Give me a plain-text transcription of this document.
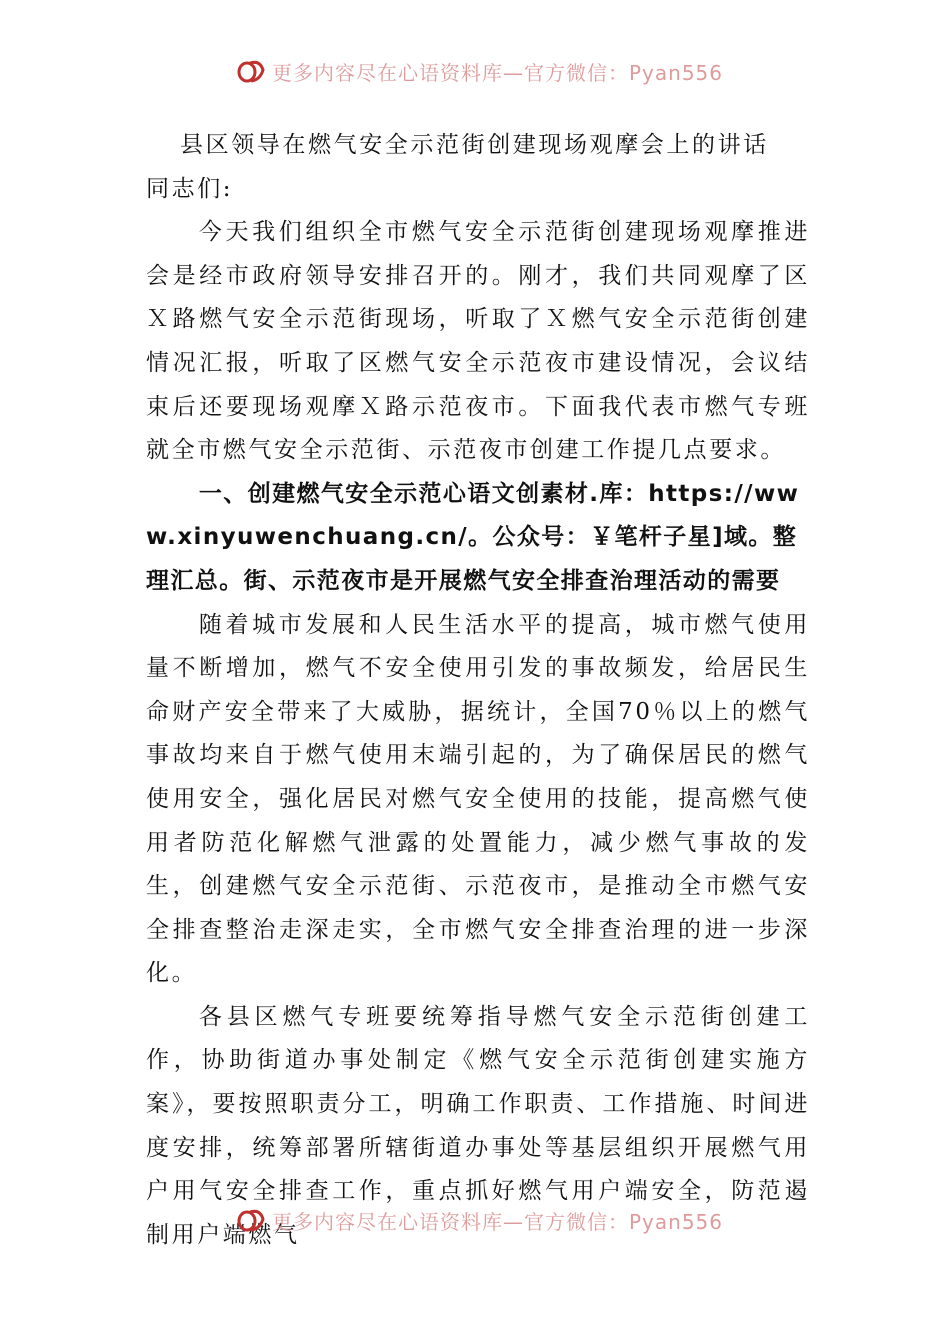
更多内容尽在心语资料库—官方微信：Pyan556

县区领导在燃气安全示范街创建现场观摩会上的讲话

同志们:

今天我们组织全市燃气安全示范街创建现场观摩推进会是经市政府领导安排召开的。刚才，我们共同观摩了区Ｘ路燃气安全示范街现场，听取了Ｘ燃气安全示范街创建情况汇报，听取了区燃气安全示范夜市建设情况，会议结束后还要现场观摩Ｘ路示范夜市。下面我代表市燃气专班就全市燃气安全示范街、示范夜市创建工作提几点要求。

一、创建燃气安全示范心语文创素材.库：https://www.xinyuwenchuang.cn/。公众号：￥笔杆子星]域。整理汇总。街、示范夜市是开展燃气安全排查治理活动的需要

随着城市发展和人民生活水平的提高，城市燃气使用量不断增加，燃气不安全使用引发的事故频发，给居民生命财产安全带来了大威胁，据统计，全国70％以上的燃气事故均来自于燃气使用末端引起的，为了确保居民的燃气使用安全，强化居民对燃气安全使用的技能，提高燃气使用者防范化解燃气泄露的处置能力，减少燃气事故的发生，创建燃气安全示范街、示范夜市，是推动全市燃气安全排查整治走深走实，全市燃气安全排查治理的进一步深化。

各县区燃气专班要统筹指导燃气安全示范街创建工作，协助街道办事处制定《燃气安全示范街创建实施方案》，要按照职责分工，明确工作职责、工作措施、时间进度安排，统筹部署所辖街道办事处等基层组织开展燃气用户用气安全排查工作，重点抓好燃气用户端安全，防范遏制用户端燃气

更多内容尽在心语资料库—官方微信：Pyan556
